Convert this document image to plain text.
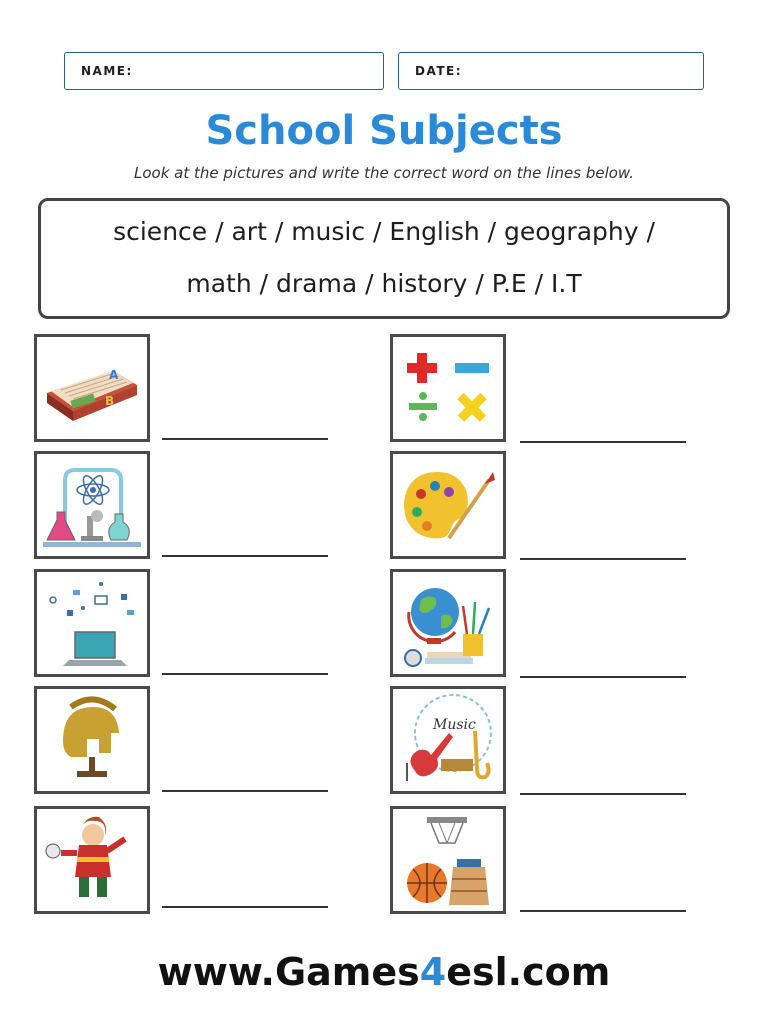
NAME:	DATE:
School Subjects
Look at the pictures and write the correct word on the lines below.
science / art / music / English / geography /
math / drama / history / P.E / I.T
A
B
Music
www.Games4esl.com
